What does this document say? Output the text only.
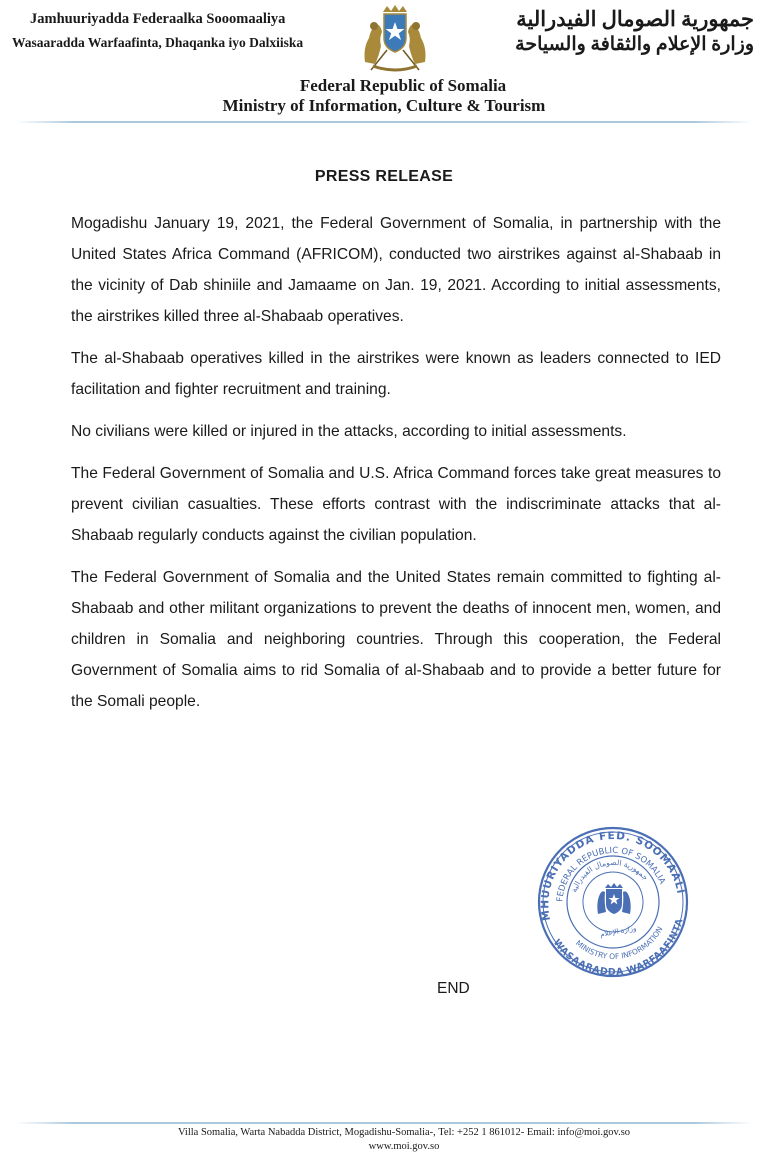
Jamhuuriyadda Federaalka Sooomaaliya
Wasaaradda Warfaafinta, Dhaqanka iyo Dalxiiska
جمهورية الصومال الفيدرالية
وزارة الإعلام والثقافة والسياحة
Federal Republic of Somalia
Ministry of Information, Culture & Tourism
PRESS RELEASE

Mogadishu January 19, 2021, the Federal Government of Somalia, in partnership with the United States Africa Command (AFRICOM), conducted two airstrikes against al-Shabaab in the vicinity of Dab shiniile and Jamaame on Jan. 19, 2021. According to initial assessments, the airstrikes killed three al-Shabaab operatives.

The al-Shabaab operatives killed in the airstrikes were known as leaders connected to IED facilitation and fighter recruitment and training.

No civilians were killed or injured in the attacks, according to initial assessments.

The Federal Government of Somalia and U.S. Africa Command forces take great measures to prevent civilian casualties. These efforts contrast with the indiscriminate attacks that al-Shabaab regularly conducts against the civilian population.

The Federal Government of Somalia and the United States remain committed to fighting al-Shabaab and other militant organizations to prevent the deaths of innocent men, women, and children in Somalia and neighboring countries. Through this cooperation, the Federal Government of Somalia aims to rid Somalia of al-Shabaab and to provide a better future for the Somali people.

JAMHUURIYADDA FED. SOOMAALIYA
FEDERAL REPUBLIC OF SOMALIA
جمهورية الصومال الفيدرالية
WASAARADDA WARFAAFINTA
MINISTRY OF INFORMATION
وزارة الإعلام
END
Villa Somalia, Warta Nabadda District, Mogadishu-Somalia-, Tel: +252 1 861012- Email: info@moi.gov.so
www.moi.gov.so
